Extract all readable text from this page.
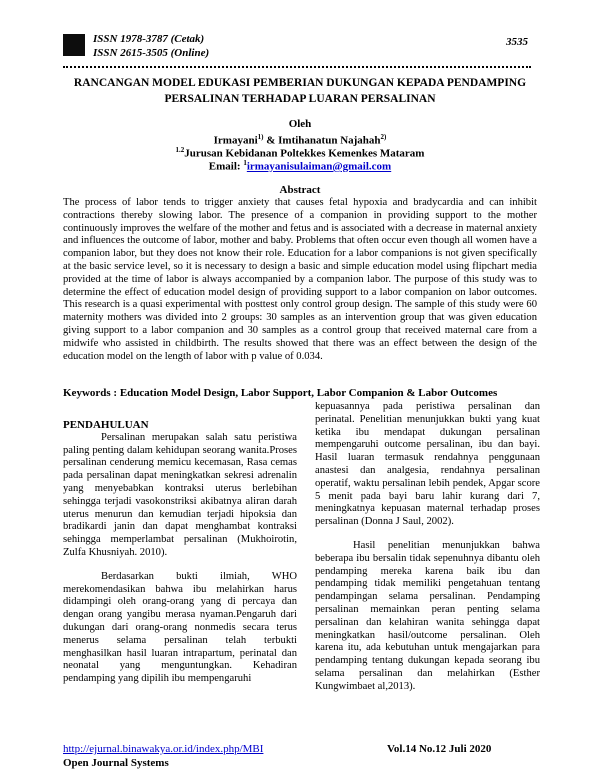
ISSN 1978-3787 (Cetak)
ISSN 2615-3505 (Online)
3535
RANCANGAN MODEL EDUKASI PEMBERIAN DUKUNGAN KEPADA PENDAMPING
PERSALINAN TERHADAP LUARAN PERSALINAN
Oleh
Irmayani$^{1)}$ & Imtihanatun Najahah$^{2)}$
$^{1.2}$Jurusan Kebidanan Poltekkes Kemenkes Mataram
Email: $^1$irmayanisulaiman@gmail.com
Abstract
The process of labor tends to trigger anxiety that causes fetal hypoxia and bradycardia and can inhibit contractions thereby slowing labor. The presence of a companion in providing support to the mother continuously improves the welfare of the mother and fetus and is associated with a decrease in maternal anxiety and influences the outcome of labor, mother and baby. Problems that often occur even though all women have a companion labor, but they does not know their role. Education for a labor companions is not given specifically at the basic service level, so it is necessary to design a basic and simple education model using flipchart media provided at the time of labor is always accompanied by a companion labor. The purpose of this study was to determine the effect of education model design of providing support to a labor companion on labor outcomes. This research is a quasi experimental with posttest only control group design. The sample of this study were 60 maternity mothers was divided into 2 groups: 30 samples as an intervention group that was given education giving support to a labor companion and 30 samples as a control group that received maternal care from a midwife who assisted in childbirth. The results showed that there was an effect between the design of the education model on the length of labor with p value of 0.034.
Keywords : Education Model Design, Labor Support, Labor Companion & Labor Outcomes

PENDAHULUAN

Persalinan merupakan salah satu peristiwa paling penting dalam kehidupan seorang wanita.Proses persalinan cenderung memicu kecemasan, Rasa cemas pada persalinan dapat meningkatkan sekresi adrenalin yang menyebabkan kontraksi uterus berlebihan sehingga terjadi vasokonstriksi akibatnya aliran darah uterus menurun dan kemudian terjadi hipoksia dan bradikardi janin dan dapat menghambat kontraksi sehingga memperlambat persalinan (Mukhoirotin, Zulfa Khusniyah. 2010).

Berdasarkan bukti ilmiah, WHO merekomendasikan bahwa ibu melahirkan harus didampingi oleh orang-orang yang di percaya dan dengan orang yangibu merasa nyaman.Pengaruh dari dukungan dari orang-orang nonmedis secara terus menerus selama persalinan telah terbukti menghasilkan hasil luaran intrapartum, perinatal dan neonatal yang menguntungkan. Kehadiran pendamping yang dipilih ibu mempengaruhi

kepuasannya pada peristiwa persalinan dan perinatal. Penelitian menunjukkan bukti yang kuat ketika ibu mendapat dukungan persalinan mempengaruhi outcome persalinan, ibu dan bayi. Hasil luaran termasuk rendahnya penggunaan anastesi dan analgesia, rendahnya persalinan operatif, waktu persalinan lebih pendek, Apgar score 5 menit pada bayi baru lahir kurang dari 7, meningkatnya kepuasan maternal terhadap proses persalinan (Donna J Saul, 2002).

Hasil penelitian menunjukkan bahwa beberapa ibu bersalin tidak sepenuhnya dibantu oleh pendamping mereka karena baik ibu dan pendamping tidak memiliki pengetahuan tentang pendampingan selama persalinan. Pendamping persalinan memainkan peran penting selama persalinan dan kelahiran wanita sehingga dapat meningkatkan hasil/outcome persalinan. Oleh karena itu, ada kebutuhan untuk mengajarkan para pendamping tentang dukungan kepada seorang ibu selama persalinan dan melahirkan (Esther Kungwimbaet al,2013).

http://ejurnal.binawakya.or.id/index.php/MBI	Vol.14 No.12 Juli 2020
Open Journal Systems
